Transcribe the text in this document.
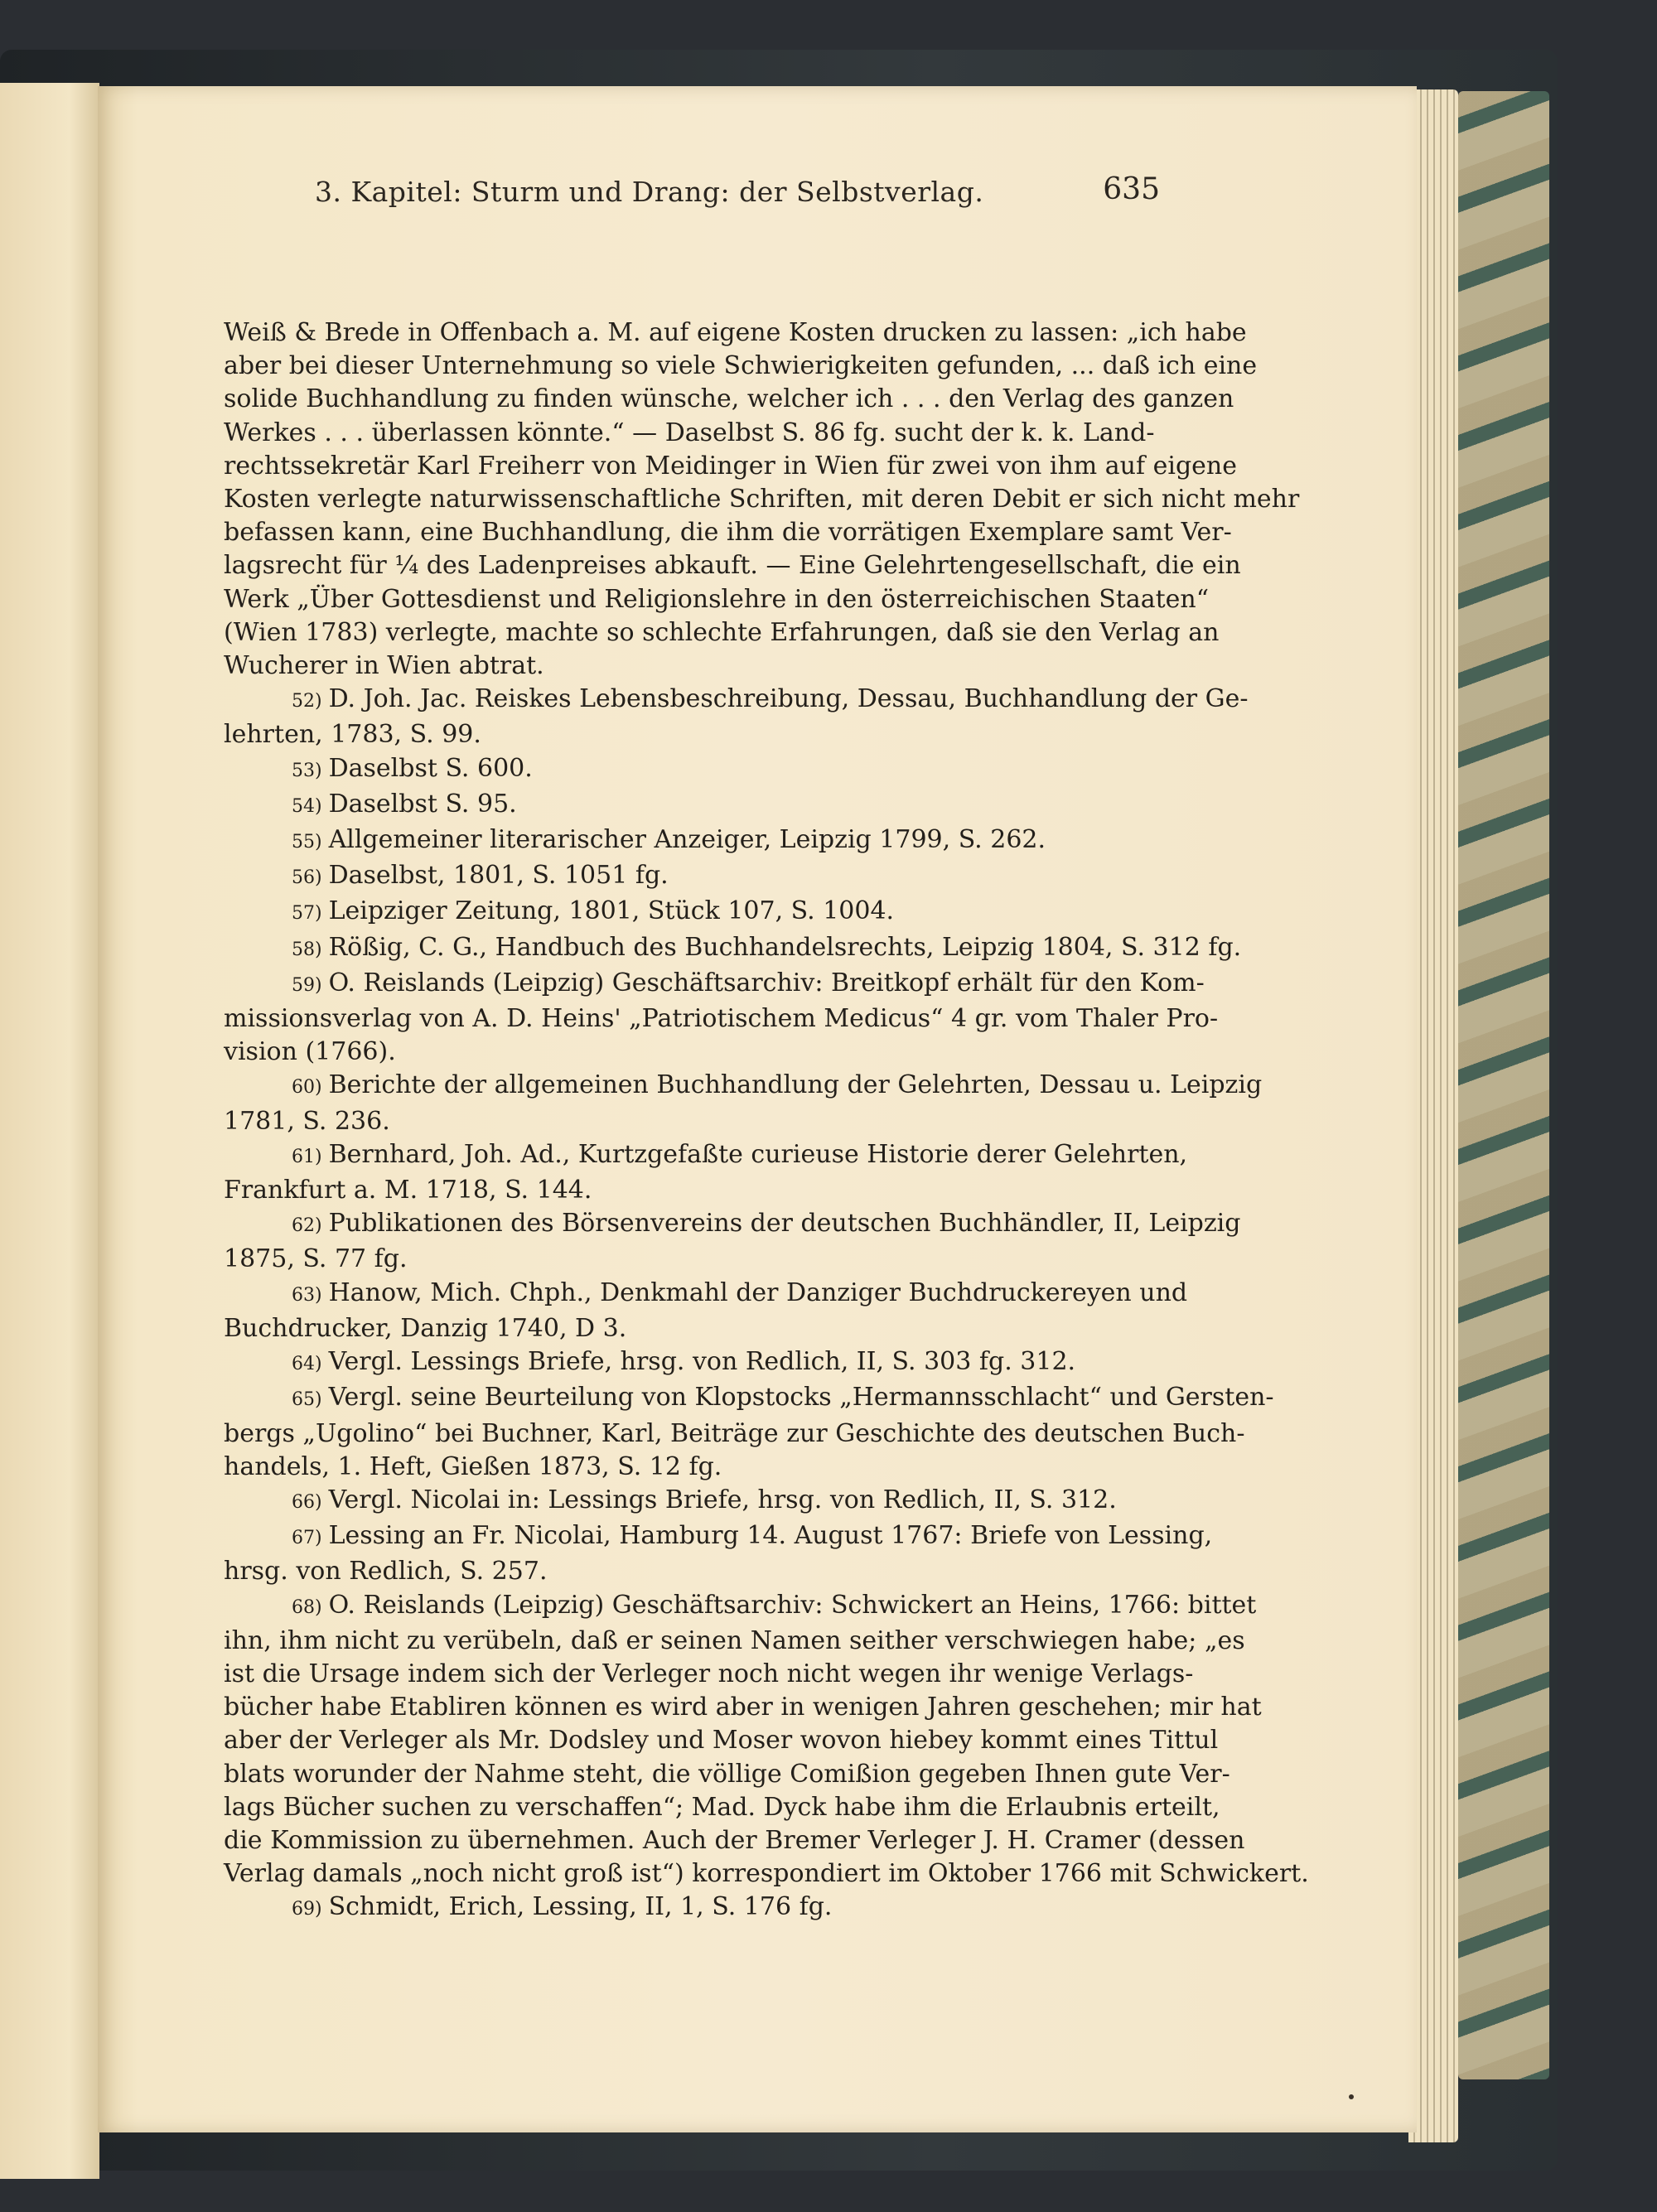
3. Kapitel: Sturm und Drang: der Selbstverlag.	635

Weiß & Brede in Offenbach a. M. auf eigene Kosten drucken zu lassen: „ich habe
aber bei dieser Unternehmung so viele Schwierigkeiten gefunden, ... daß ich eine
solide Buchhandlung zu finden wünsche, welcher ich . . . den Verlag des ganzen
Werkes . . . überlassen könnte.“ — Daselbst S. 86 fg. sucht der k. k. Land-
rechtssekretär Karl Freiherr von Meidinger in Wien für zwei von ihm auf eigene
Kosten verlegte naturwissenschaftliche Schriften, mit deren Debit er sich nicht mehr
befassen kann, eine Buchhandlung, die ihm die vorrätigen Exemplare samt Ver-
lagsrecht für ¼ des Ladenpreises abkauft. — Eine Gelehrtengesellschaft, die ein
Werk „Über Gottesdienst und Religionslehre in den österreichischen Staaten“
(Wien 1783) verlegte, machte so schlechte Erfahrungen, daß sie den Verlag an
Wucherer in Wien abtrat.

52) D. Joh. Jac. Reiskes Lebensbeschreibung, Dessau, Buchhandlung der Ge-
lehrten, 1783, S. 99.

53) Daselbst S. 600.

54) Daselbst S. 95.

55) Allgemeiner literarischer Anzeiger, Leipzig 1799, S. 262.

56) Daselbst, 1801, S. 1051 fg.

57) Leipziger Zeitung, 1801, Stück 107, S. 1004.

58) Rößig, C. G., Handbuch des Buchhandelsrechts, Leipzig 1804, S. 312 fg.

59) O. Reislands (Leipzig) Geschäftsarchiv: Breitkopf erhält für den Kom-
missionsverlag von A. D. Heins' „Patriotischem Medicus“ 4 gr. vom Thaler Pro-
vision (1766).

60) Berichte der allgemeinen Buchhandlung der Gelehrten, Dessau u. Leipzig
1781, S. 236.

61) Bernhard, Joh. Ad., Kurtzgefaßte curieuse Historie derer Gelehrten,
Frankfurt a. M. 1718, S. 144.

62) Publikationen des Börsenvereins der deutschen Buchhändler, II, Leipzig
1875, S. 77 fg.

63) Hanow, Mich. Chph., Denkmahl der Danziger Buchdruckereyen und
Buchdrucker, Danzig 1740, D 3.

64) Vergl. Lessings Briefe, hrsg. von Redlich, II, S. 303 fg. 312.

65) Vergl. seine Beurteilung von Klopstocks „Hermannsschlacht“ und Gersten-
bergs „Ugolino“ bei Buchner, Karl, Beiträge zur Geschichte des deutschen Buch-
handels, 1. Heft, Gießen 1873, S. 12 fg.

66) Vergl. Nicolai in: Lessings Briefe, hrsg. von Redlich, II, S. 312.

67) Lessing an Fr. Nicolai, Hamburg 14. August 1767: Briefe von Lessing,
hrsg. von Redlich, S. 257.

68) O. Reislands (Leipzig) Geschäftsarchiv: Schwickert an Heins, 1766: bittet
ihn, ihm nicht zu verübeln, daß er seinen Namen seither verschwiegen habe; „es
ist die Ursage indem sich der Verleger noch nicht wegen ihr wenige Verlags-
bücher habe Etabliren können es wird aber in wenigen Jahren geschehen; mir hat
aber der Verleger als Mr. Dodsley und Moser wovon hiebey kommt eines Tittul
blats worunder der Nahme steht, die völlige Comißion gegeben Ihnen gute Ver-
lags Bücher suchen zu verschaffen“; Mad. Dyck habe ihm die Erlaubnis erteilt,
die Kommission zu übernehmen. Auch der Bremer Verleger J. H. Cramer (dessen
Verlag damals „noch nicht groß ist“) korrespondiert im Oktober 1766 mit Schwickert.

69) Schmidt, Erich, Lessing, II, 1, S. 176 fg.
